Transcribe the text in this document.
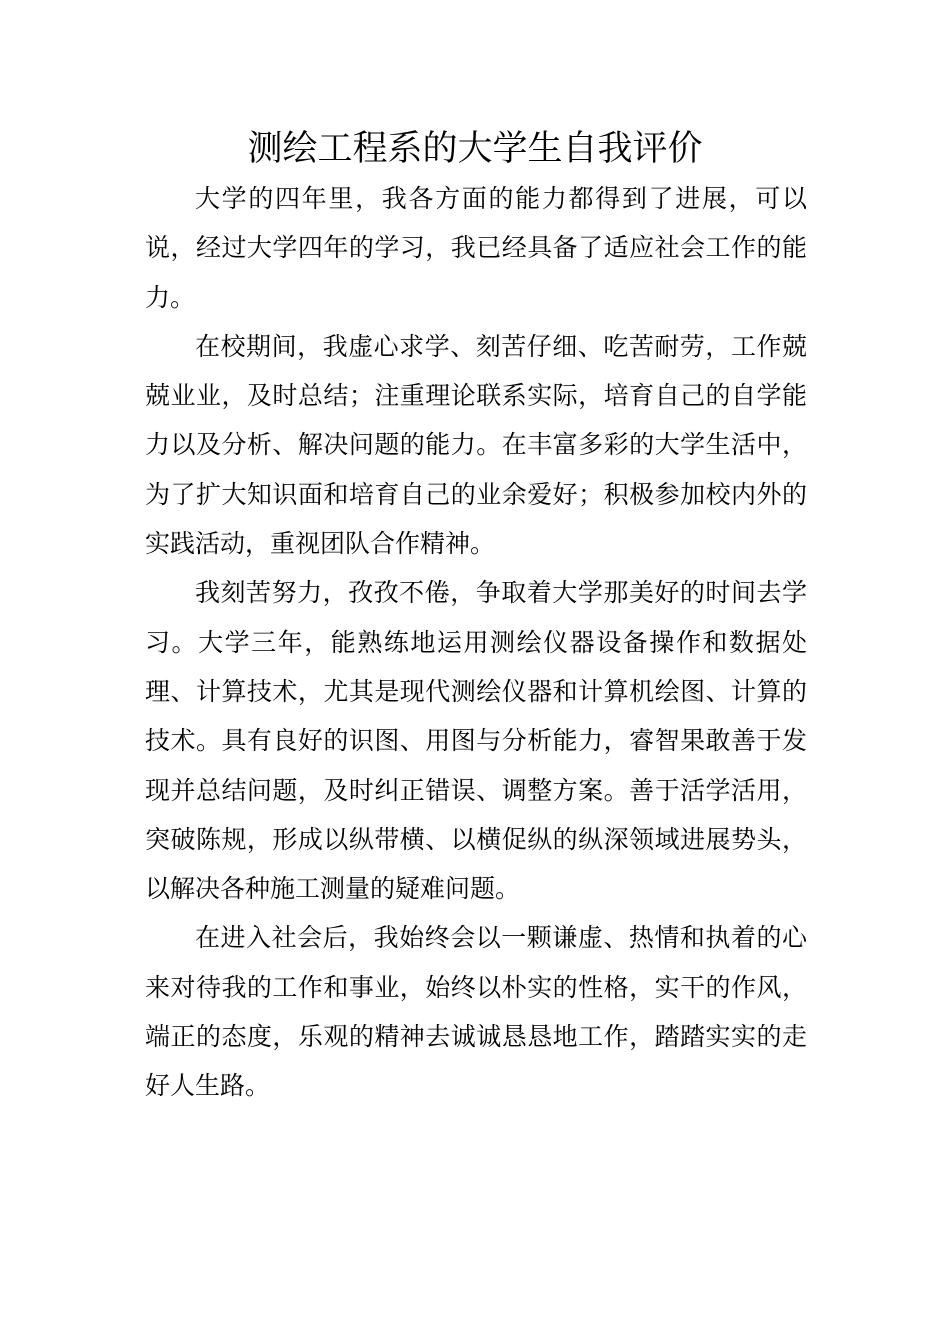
测绘工程系的大学生自我评价

大学的四年里，我各方面的能力都得到了进展，可以说，经过大学四年的学习，我已经具备了适应社会工作的能力。

在校期间，我虚心求学、刻苦仔细、吃苦耐劳，工作兢兢业业，及时总结；注重理论联系实际，培育自己的自学能力以及分析、解决问题的能力。在丰富多彩的大学生活中，为了扩大知识面和培育自己的业余爱好；积极参加校内外的实践活动，重视团队合作精神。

我刻苦努力，孜孜不倦，争取着大学那美好的时间去学习。大学三年，能熟练地运用测绘仪器设备操作和数据处理、计算技术，尤其是现代测绘仪器和计算机绘图、计算的技术。具有良好的识图、用图与分析能力，睿智果敢善于发现并总结问题，及时纠正错误、调整方案。善于活学活用，突破陈规，形成以纵带横、以横促纵的纵深领域进展势头，以解决各种施工测量的疑难问题。

在进入社会后，我始终会以一颗谦虚、热情和执着的心来对待我的工作和事业，始终以朴实的性格，实干的作风，端正的态度，乐观的精神去诚诚恳恳地工作，踏踏实实的走好人生路。
